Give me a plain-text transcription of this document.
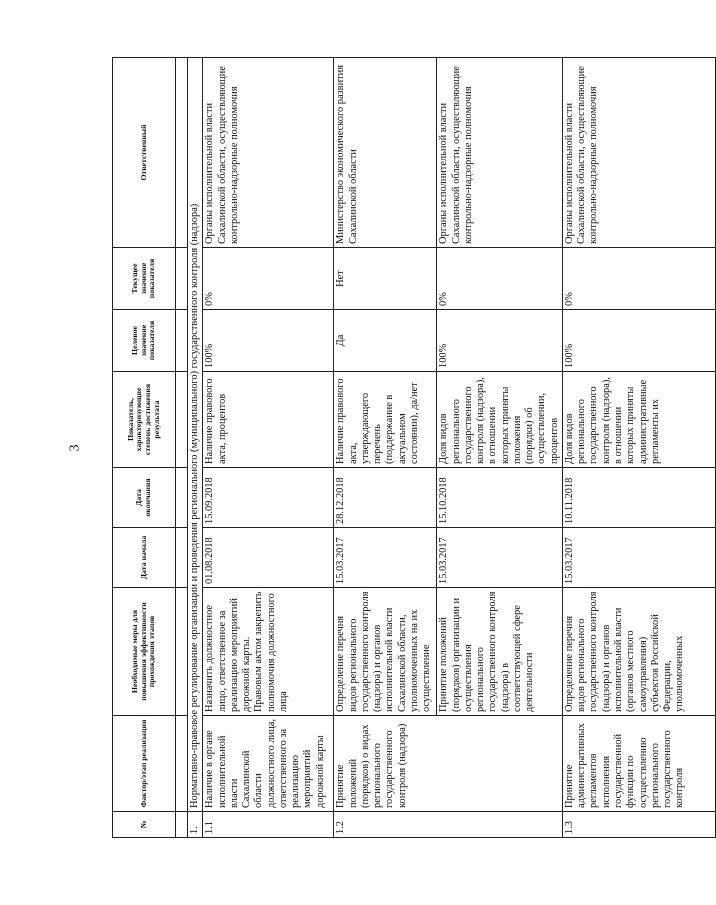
3
№	Фактор/этап реализации	Необходимые меры для повышения эффективности прохождения этапов	Дата начала	Дата окончания	Показатель, характеризующие степень достижения результата	Целевое значение показателя	Текущее значение показателя	Ответственный

1.	Нормативно-правовое регулирование организации и проведения регионального (муниципального) государственного контроля (надзора)							
1.1	Наличие в органе исполнительной власти Сахалинской области должностного лица, ответственного за реализацию мероприятий дорожной карты	Назначить должностное лицо, ответственное за реализацию мероприятий дорожной карты. Правовым актом закрепить полномочия должностного лица	01.08.2018	15.09.2018	Наличие правового акта, процентов	100%	0%	Органы исполнительной власти Сахалинской области, осуществляющие контрольно-надзорные полномочия
1.2	Принятие положений (порядков) о видах регионального государственного контроля (надзора)	Определение перечня видов регионального государственного контроля (надзора) и органов исполнительной власти Сахалинской области, уполномоченных на их осуществление	15.03.2017	28.12.2018	Наличие правового акта, утверждающего перечень (поддержание в актуальном состоянии), да/нет	Да	Нет	Министерство экономического развития Сахалинской области
		Принятие положений (порядков) организации и осуществления регионального государственного контроля (надзора) в соответствующей сфере деятельности	15.03.2017	15.10.2018	Доля видов регионального государственного контроля (надзора), в отношении которых приняты положения (порядки) об осуществлении, процентов	100%	0%	Органы исполнительной власти Сахалинской области, осуществляющие контрольно-надзорные полномочия
1.3	Принятие административных регламентов исполнения государственной функции по осуществлению регионального государственного контроля	Определение перечня видов регионального государственного контроля (надзора) и органов исполнительной власти (органов местного самоуправления) субъектов Российской Федерации, уполномоченных	15.03.2017	10.11.2018	Доля видов регионального государственного контроля (надзора), в отношении которых приняты административные регламенты их	100%	0%	Органы исполнительной власти Сахалинской области, осуществляющие контрольно-надзорные полномочия
